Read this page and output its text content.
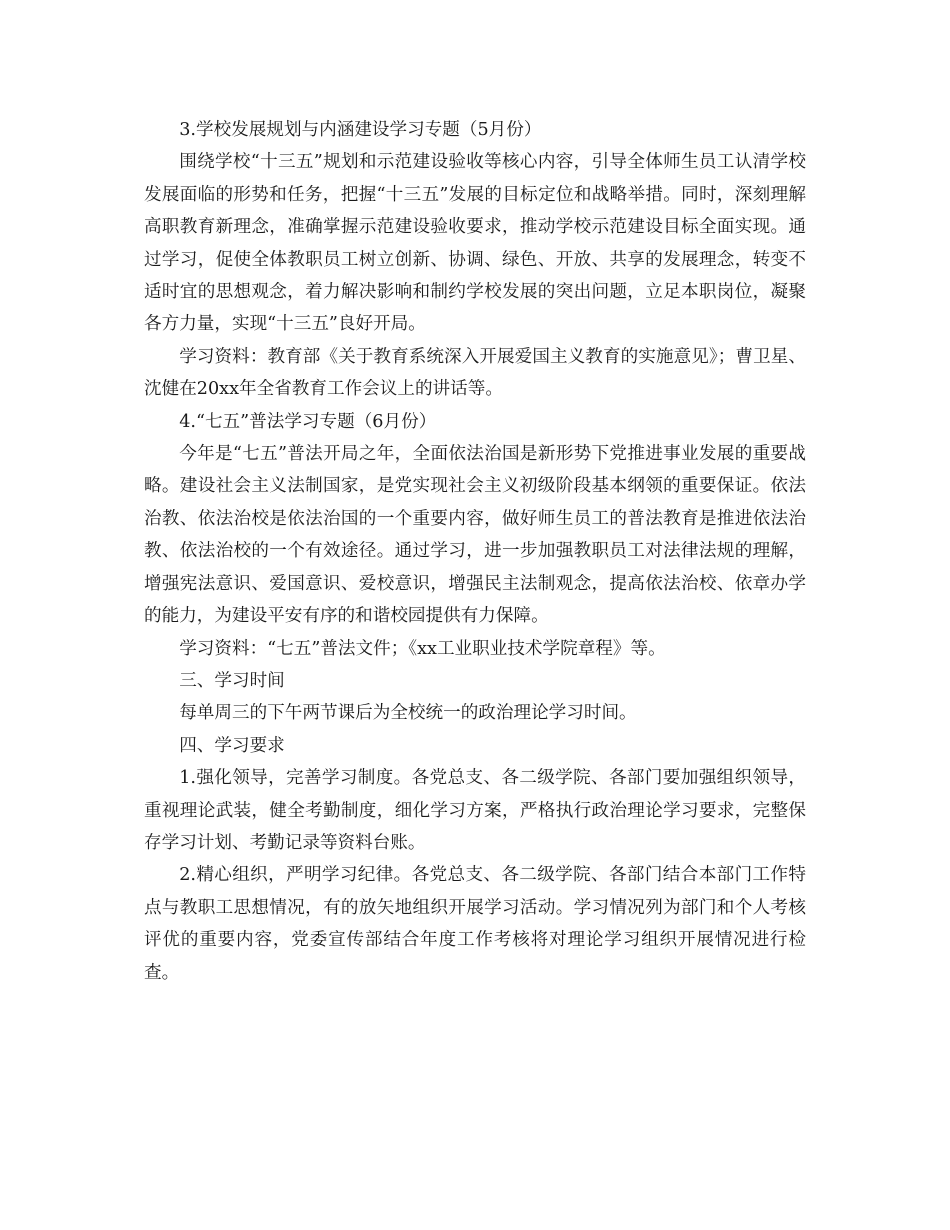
3.学校发展规划与内涵建设学习专题（5月份）

围绕学校“十三五”规划和示范建设验收等核心内容，引导全体师生员工认清学校发展面临的形势和任务，把握“十三五”发展的目标定位和战略举措。同时，深刻理解高职教育新理念，准确掌握示范建设验收要求，推动学校示范建设目标全面实现。通过学习，促使全体教职员工树立创新、协调、绿色、开放、共享的发展理念，转变不适时宜的思想观念，着力解决影响和制约学校发展的突出问题，立足本职岗位，凝聚各方力量，实现“十三五”良好开局。

学习资料：教育部《关于教育系统深入开展爱国主义教育的实施意见》；曹卫星、沈健在20xx年全省教育工作会议上的讲话等。

4.“七五”普法学习专题（6月份）

今年是“七五”普法开局之年，全面依法治国是新形势下党推进事业发展的重要战略。建设社会主义法制国家，是党实现社会主义初级阶段基本纲领的重要保证。依法治教、依法治校是依法治国的一个重要内容，做好师生员工的普法教育是推进依法治教、依法治校的一个有效途径。通过学习，进一步加强教职员工对法律法规的理解，增强宪法意识、爱国意识、爱校意识，增强民主法制观念，提高依法治校、依章办学的能力，为建设平安有序的和谐校园提供有力保障。

学习资料：“七五”普法文件；《xx工业职业技术学院章程》等。

三、学习时间

每单周三的下午两节课后为全校统一的政治理论学习时间。

四、学习要求

1.强化领导，完善学习制度。各党总支、各二级学院、各部门要加强组织领导，重视理论武装，健全考勤制度，细化学习方案，严格执行政治理论学习要求，完整保存学习计划、考勤记录等资料台账。

2.精心组织，严明学习纪律。各党总支、各二级学院、各部门结合本部门工作特点与教职工思想情况，有的放矢地组织开展学习活动。学习情况列为部门和个人考核评优的重要内容，党委宣传部结合年度工作考核将对理论学习组织开展情况进行检查。
